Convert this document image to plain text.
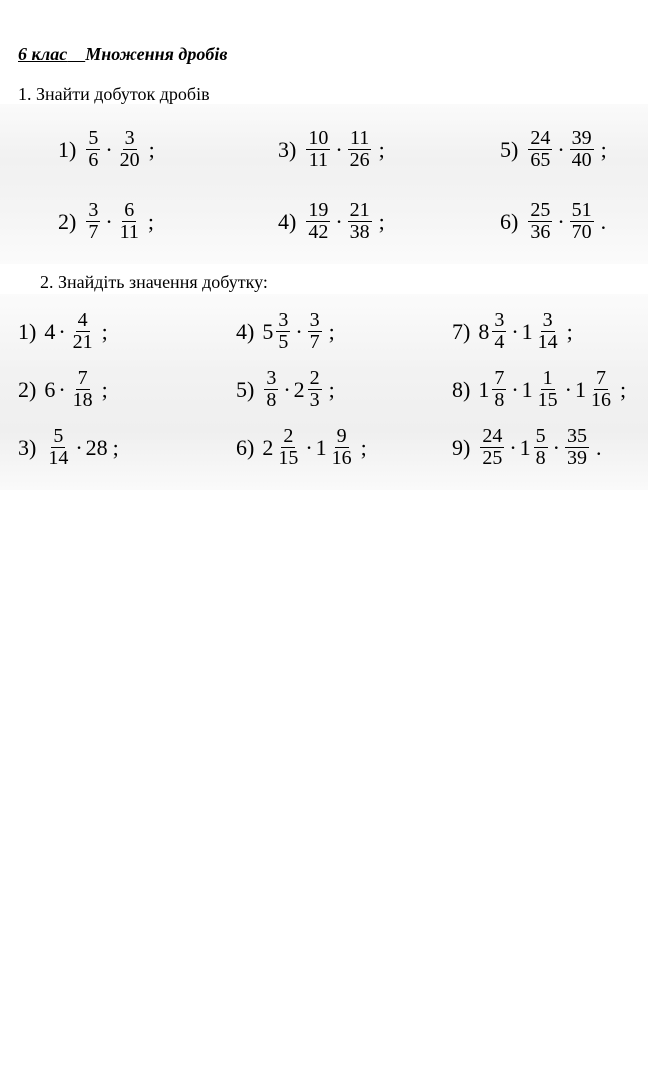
6 клас Множення дробів
1. Знайти добуток дробів
$1) \frac{5}{6} \cdot \frac{3}{20}$ ;	$3) \frac{10}{11} \cdot \frac{11}{26}$ ;	$5) \frac{24}{65} \cdot \frac{39}{40}$ ;
$2) \frac{3}{7} \cdot \frac{6}{11}$ ;	$4) \frac{19}{42} \cdot \frac{21}{38}$ ;	$6) \frac{25}{36} \cdot \frac{51}{70}$ .
2. Знайдіть значення добутку:
1) $4 \cdot \frac{4}{21}$ ;	4) $5 \frac{3}{5} \cdot \frac{3}{7}$ ;	7) $8 \frac{3}{4} \cdot 1 \frac{3}{14}$ ;
2) $6 \cdot \frac{7}{18}$ ;	$5) \frac{3}{8} \cdot 2 \frac{2}{3}$ ;	8) $1 \frac{7}{8} \cdot 1 \frac{1}{15} \cdot 1 \frac{7}{16}$ ;
$3) \frac{5}{14} \cdot 28$ ;	6) $2 \frac{2}{15} \cdot 1 \frac{9}{16}$ ;	$9) \frac{24}{25} \cdot 1 \frac{5}{8} \cdot \frac{35}{39}$ .
